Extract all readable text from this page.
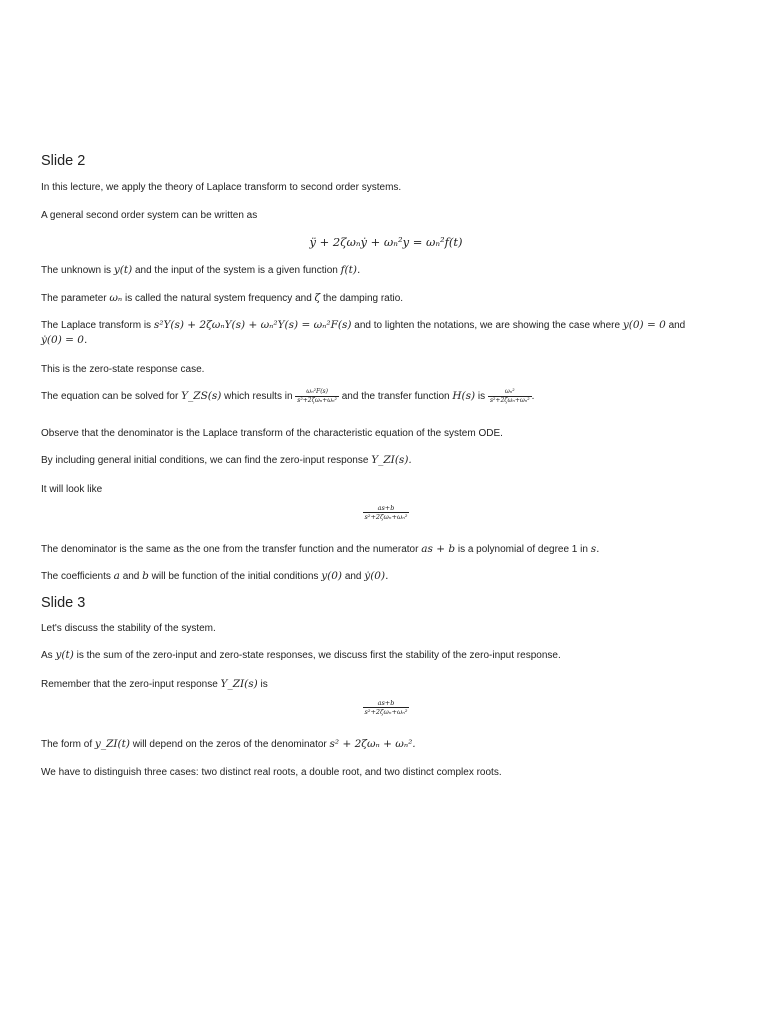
Slide 2

In this lecture, we apply the theory of Laplace transform to second order systems.

A general second order system can be written as

ÿ + 2ζωₙẏ + ωₙ²y = ωₙ²f(t)

The unknown is y(t) and the input of the system is a given function f(t).

The parameter ωₙ is called the natural system frequency and ζ the damping ratio.

The Laplace transform is s²Y(s) + 2ζωₙY(s) + ωₙ²Y(s) = ωₙ²F(s) and to lighten the notations, we are showing the case where y(0) = 0 and
ẏ(0) = 0.

This is the zero-state response case.

The equation can be solved for Y_ZS(s) which results in $\frac{\text{ωₙ²F(s)}}{\text{s²+2ζωₙ+ωₙ²}}$ and the transfer function H(s) is $\frac{\text{ωₙ²}}{\text{s²+2ζωₙ+ωₙ²}}$ .

Observe that the denominator is the Laplace transform of the characteristic equation of the system ODE.

By including general initial conditions, we can find the zero-input response Y_ZI(s).

It will look like

$\frac{as+b}{\text{s²+2ζωₙ+ωₙ²}}$

The denominator is the same as the one from the transfer function and the numerator as + b is a polynomial of degree 1 in s.

The coefficients a and b will be function of the initial conditions y(0) and ẏ(0).

Slide 3

Let's discuss the stability of the system.

As y(t) is the sum of the zero-input and zero-state responses, we discuss first the stability of the zero-input response.

Remember that the zero-input response Y_ZI(s) is

$\frac{as+b}{\text{s²+2ζωₙ+ωₙ²}}$

The form of y_ZI(t) will depend on the zeros of the denominator s² + 2ζωₙ + ωₙ².

We have to distinguish three cases: two distinct real roots, a double root, and two distinct complex roots.
